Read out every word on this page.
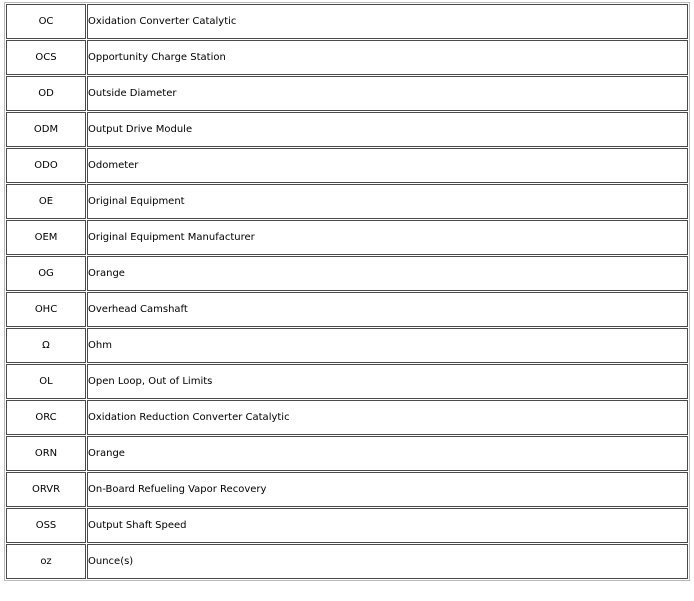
OC	Oxidation Converter Catalytic
OCS	Opportunity Charge Station
OD	Outside Diameter
ODM	Output Drive Module
ODO	Odometer
OE	Original Equipment
OEM	Original Equipment Manufacturer
OG	Orange
OHC	Overhead Camshaft
Ω	Ohm
OL	Open Loop, Out of Limits
ORC	Oxidation Reduction Converter Catalytic
ORN	Orange
ORVR	On-Board Refueling Vapor Recovery
OSS	Output Shaft Speed
oz	Ounce(s)
